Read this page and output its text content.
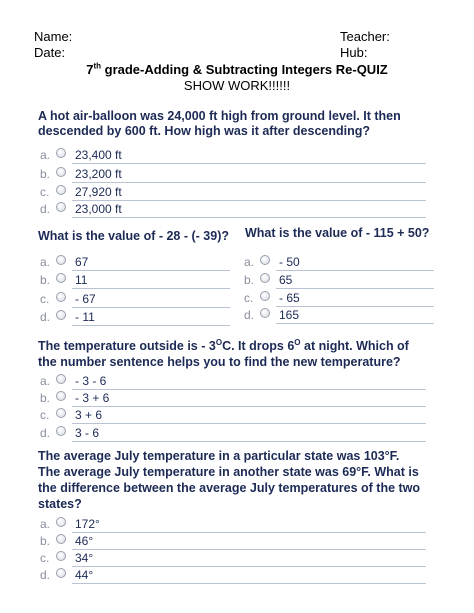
Name:	Teacher:
Date:	Hub:
7th grade-Adding & Subtracting Integers Re-QUIZ
SHOW WORK!!!!!!
A hot air-balloon was 24,000 ft high from ground level. It then
descended by 600 ft. How high was it after descending?
a. 23,400 ft
b. 23,200 ft
c. 27,920 ft
d. 23,000 ft
What is the value of - 28 - (- 39)?
a. 67
b. 11
c. - 67
d. - 11
What is the value of - 115 + 50?
a. - 50
b. 65
c. - 65
d. 165
The temperature outside is - $3^OC$. It drops $6^O$ at night. Which of
the number sentence helps you to find the new temperature?
a. - 3 - 6
b. - 3 + 6
c. 3 + 6
d. 3 - 6
The average July temperature in a particular state was 103°F.
The average July temperature in another state was 69°F. What is
the difference between the average July temperatures of the two
states?
a. 172°
b. 46°
c. 34°
d. 44°
